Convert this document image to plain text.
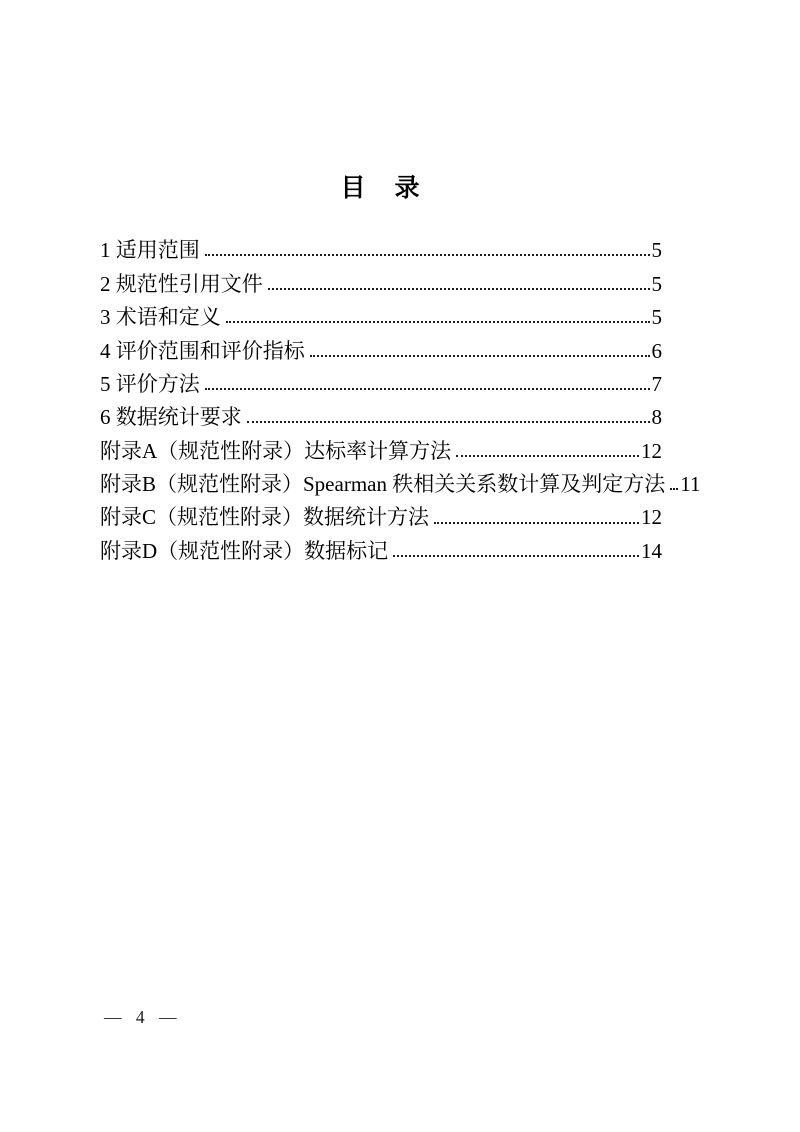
目　录
1 适用范围	5
2 规范性引用文件	5
3 术语和定义	5
4 评价范围和评价指标	6
5 评价方法	7
6 数据统计要求	8
附录A（规范性附录）达标率计算方法	12
附录B（规范性附录）Spearman 秩相关关系数计算及判定方法 11
附录C（规范性附录）数据统计方法	12
附录D（规范性附录）数据标记	14
— 4 —
